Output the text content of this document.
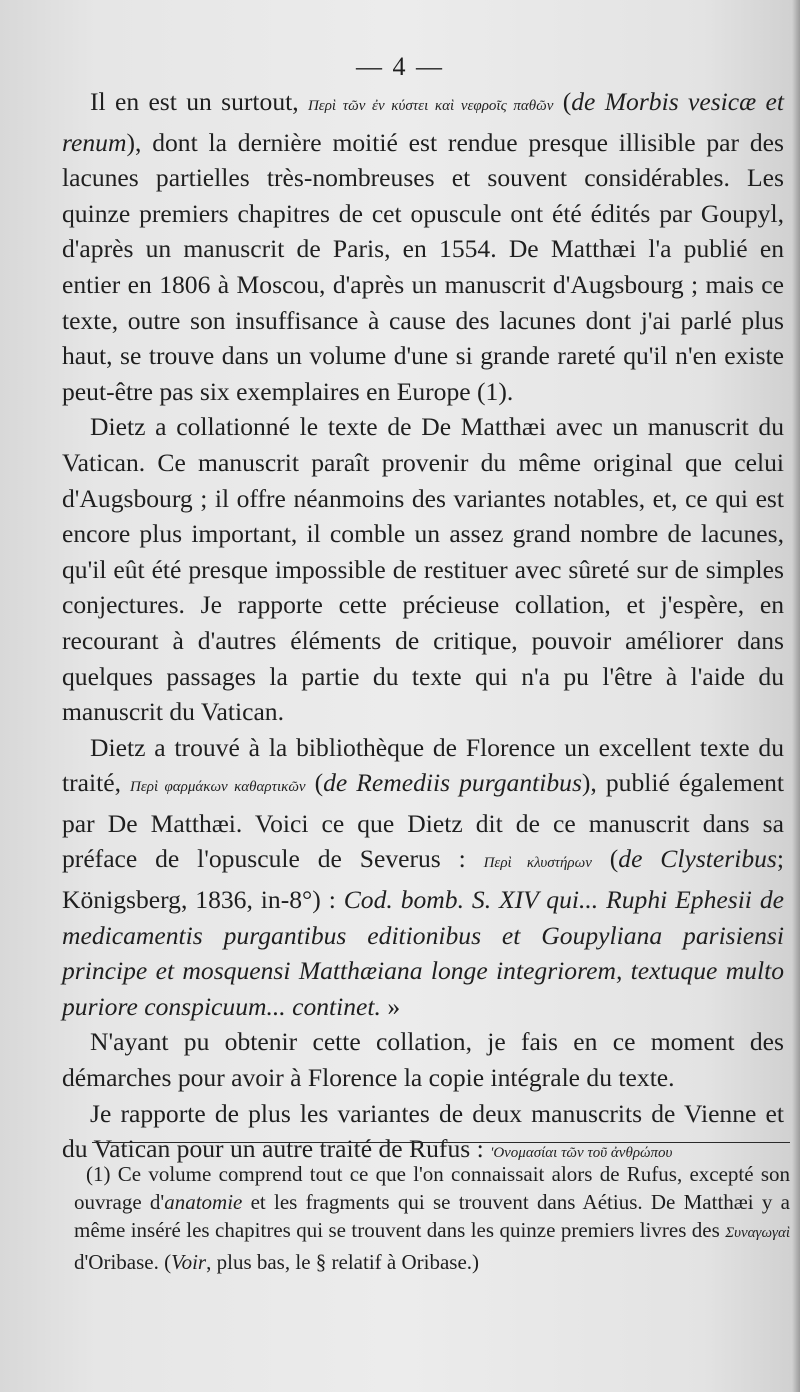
— 4 —

Il en est un surtout, Περὶ τῶν ἐν κύστει καὶ νεφροῖς παθῶν (de Morbis vesicæ et renum), dont la dernière moitié est rendue presque illisible par des lacunes partielles très-nombreuses et souvent considérables. Les quinze premiers chapitres de cet opuscule ont été édités par Goupyl, d'après un manuscrit de Paris, en 1554. De Matthæi l'a publié en entier en 1806 à Moscou, d'après un manuscrit d'Augsbourg ; mais ce texte, outre son insuffisance à cause des lacunes dont j'ai parlé plus haut, se trouve dans un volume d'une si grande rareté qu'il n'en existe peut-être pas six exemplaires en Europe (1).

Dietz a collationné le texte de De Matthæi avec un manuscrit du Vatican. Ce manuscrit paraît provenir du même original que celui d'Augsbourg ; il offre néanmoins des variantes notables, et, ce qui est encore plus important, il comble un assez grand nombre de lacunes, qu'il eût été presque impossible de restituer avec sûreté sur de simples conjectures. Je rapporte cette précieuse collation, et j'espère, en recourant à d'autres éléments de critique, pouvoir améliorer dans quelques passages la partie du texte qui n'a pu l'être à l'aide du manuscrit du Vatican.

Dietz a trouvé à la bibliothèque de Florence un excellent texte du traité, Περὶ φαρμάκων καθαρτικῶν (de Remediis purgantibus), publié également par De Matthæi. Voici ce que Dietz dit de ce manuscrit dans sa préface de l'opuscule de Severus : Περὶ κλυστήρων (de Clysteribus; Königsberg, 1836, in-8°) : Cod. bomb. S. XIV qui... Ruphi Ephesii de medicamentis purgantibus editionibus et Goupyliana parisiensi principe et mosquensi Matthæiana longe integriorem, textuque multo puriore conspicuum... continet. »

N'ayant pu obtenir cette collation, je fais en ce moment des démarches pour avoir à Florence la copie intégrale du texte.

Je rapporte de plus les variantes de deux manuscrits de Vienne et du Vatican pour un autre traité de Rufus : 'Ονομασίαι τῶν τοῦ ἀνθρώπου

(1) Ce volume comprend tout ce que l'on connaissait alors de Rufus, excepté son ouvrage d'anatomie et les fragments qui se trouvent dans Aétius. De Matthæi y a même inséré les chapitres qui se trouvent dans les quinze premiers livres des Συναγωγαὶ d'Oribase. (Voir, plus bas, le § relatif à Oribase.)
